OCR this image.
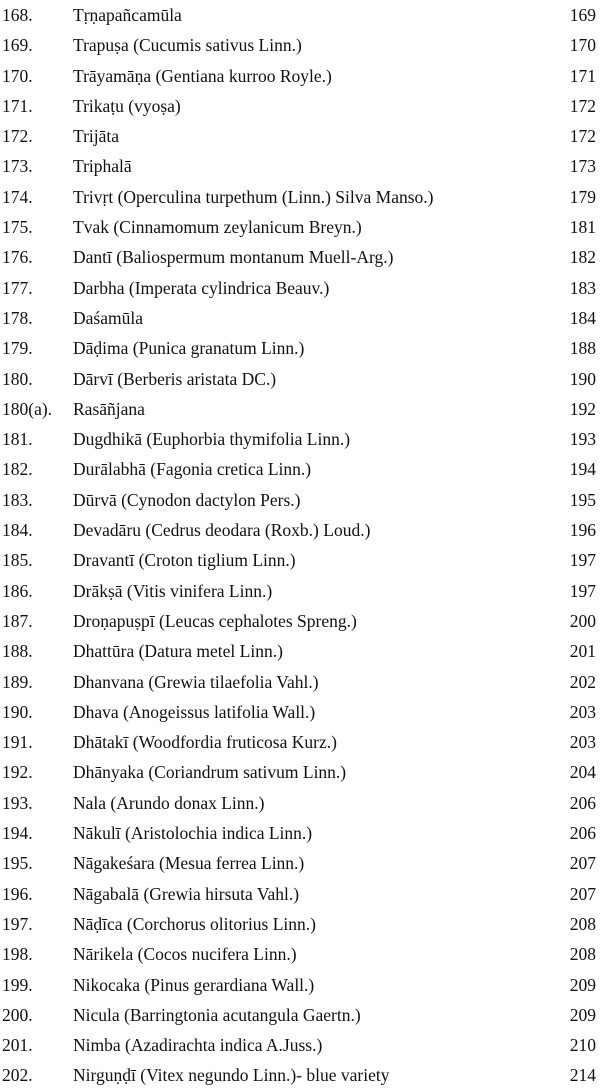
168. Tṛṇapañcamūla	169
169. Trapuṣa (Cucumis sativus Linn.)	170
170. Trāyamāṇa (Gentiana kurroo Royle.)	171
171. Trikaṭu (vyoṣa)	172
172. Trijāta	172
173. Triphalā	173
174. Trivṛt (Operculina turpethum (Linn.) Silva Manso.)	179
175. Tvak (Cinnamomum zeylanicum Breyn.)	181
176. Dantī (Baliospermum montanum Muell-Arg.)	182
177. Darbha (Imperata cylindrica Beauv.)	183
178. Daśamūla	184
179. Dāḍima (Punica granatum Linn.)	188
180. Dārvī (Berberis aristata DC.)	190
180(a). Rasāñjana	192
181. Dugdhikā (Euphorbia thymifolia Linn.)	193
182. Durālabhā (Fagonia cretica Linn.)	194
183. Dūrvā (Cynodon dactylon Pers.)	195
184. Devadāru (Cedrus deodara (Roxb.) Loud.)	196
185. Dravantī (Croton tiglium Linn.)	197
186. Drākṣā (Vitis vinifera Linn.)	197
187. Droṇapuṣpī (Leucas cephalotes Spreng.)	200
188. Dhattūra (Datura metel Linn.)	201
189. Dhanvana (Grewia tilaefolia Vahl.)	202
190. Dhava (Anogeissus latifolia Wall.)	203
191. Dhātakī (Woodfordia fruticosa Kurz.)	203
192. Dhānyaka (Coriandrum sativum Linn.)	204
193. Nala (Arundo donax Linn.)	206
194. Nākulī (Aristolochia indica Linn.)	206
195. Nāgakeśara (Mesua ferrea Linn.)	207
196. Nāgabalā (Grewia hirsuta Vahl.)	207
197. Nāḍīca (Corchorus olitorius Linn.)	208
198. Nārikela (Cocos nucifera Linn.)	208
199. Nikocaka (Pinus gerardiana Wall.)	209
200. Nicula (Barringtonia acutangula Gaertn.)	209
201. Nimba (Azadirachta indica A.Juss.)	210
202. Nirguṇḍī (Vitex negundo Linn.)- blue variety	214
